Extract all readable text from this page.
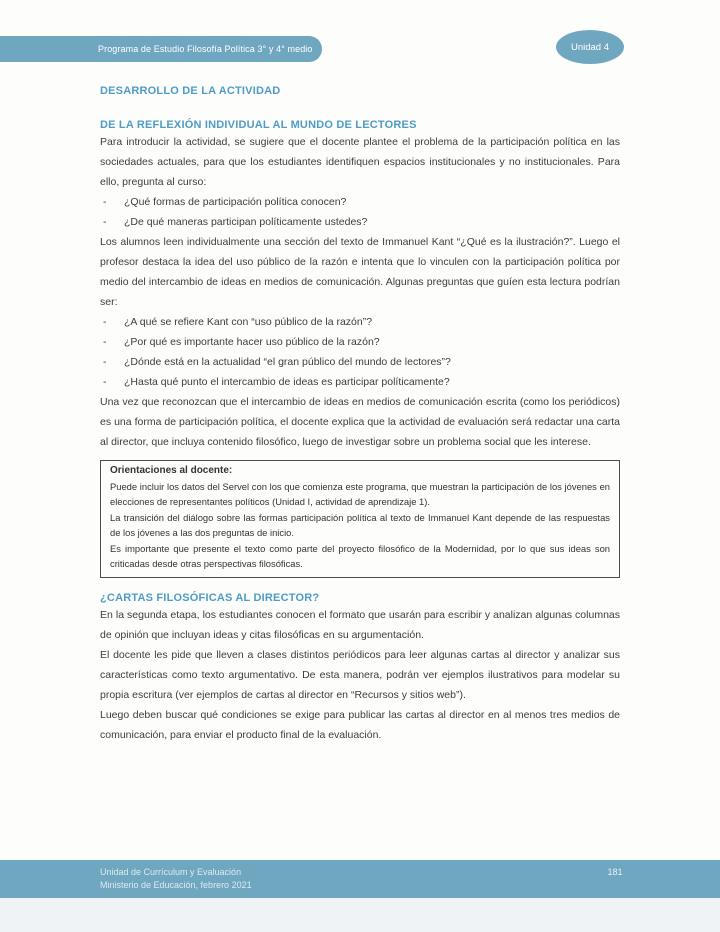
Programa de Estudio Filosofía Política 3° y 4° medio	Unidad 4
DESARROLLO DE LA ACTIVIDAD
DE LA REFLEXIÓN INDIVIDUAL AL MUNDO DE LECTORES

Para introducir la actividad, se sugiere que el docente plantee el problema de la participación política en las sociedades actuales, para que los estudiantes identifiquen espacios institucionales y no institucionales. Para ello, pregunta al curso:

-	¿Qué formas de participación política conocen?
-	¿De qué maneras participan políticamente ustedes?

Los alumnos leen individualmente una sección del texto de Immanuel Kant “¿Qué es la ilustración?”. Luego el profesor destaca la idea del uso público de la razón e intenta que lo vinculen con la participación política por medio del intercambio de ideas en medios de comunicación. Algunas preguntas que guíen esta lectura podrían ser:

-	¿A qué se refiere Kant con “uso público de la razón”?
-	¿Por qué es importante hacer uso público de la razón?
-	¿Dónde está en la actualidad “el gran público del mundo de lectores”?
-	¿Hasta qué punto el intercambio de ideas es participar políticamente?

Una vez que reconozcan que el intercambio de ideas en medios de comunicación escrita (como los periódicos) es una forma de participación política, el docente explica que la actividad de evaluación será redactar una carta al director, que incluya contenido filosófico, luego de investigar sobre un problema social que les interese.

Orientaciones al docente:

Puede incluir los datos del Servel con los que comienza este programa, que muestran la participación de los jóvenes en elecciones de representantes políticos (Unidad I, actividad de aprendizaje 1).

La transición del diálogo sobre las formas participación política al texto de Immanuel Kant depende de las respuestas de los jóvenes a las dos preguntas de inicio.

Es importante que presente el texto como parte del proyecto filosófico de la Modernidad, por lo que sus ideas son criticadas desde otras perspectivas filosóficas.

¿CARTAS FILOSÓFICAS AL DIRECTOR?

En la segunda etapa, los estudiantes conocen el formato que usarán para escribir y analizan algunas columnas de opinión que incluyan ideas y citas filosóficas en su argumentación.

El docente les pide que lleven a clases distintos periódicos para leer algunas cartas al director y analizar sus características como texto argumentativo. De esta manera, podrán ver ejemplos ilustrativos para modelar su propia escritura (ver ejemplos de cartas al director en “Recursos y sitios web”).

Luego deben buscar qué condiciones se exige para publicar las cartas al director en al menos tres medios de comunicación, para enviar el producto final de la evaluación.

Unidad de Currículum y Evaluación
Ministerio de Educación, febrero 2021
181
